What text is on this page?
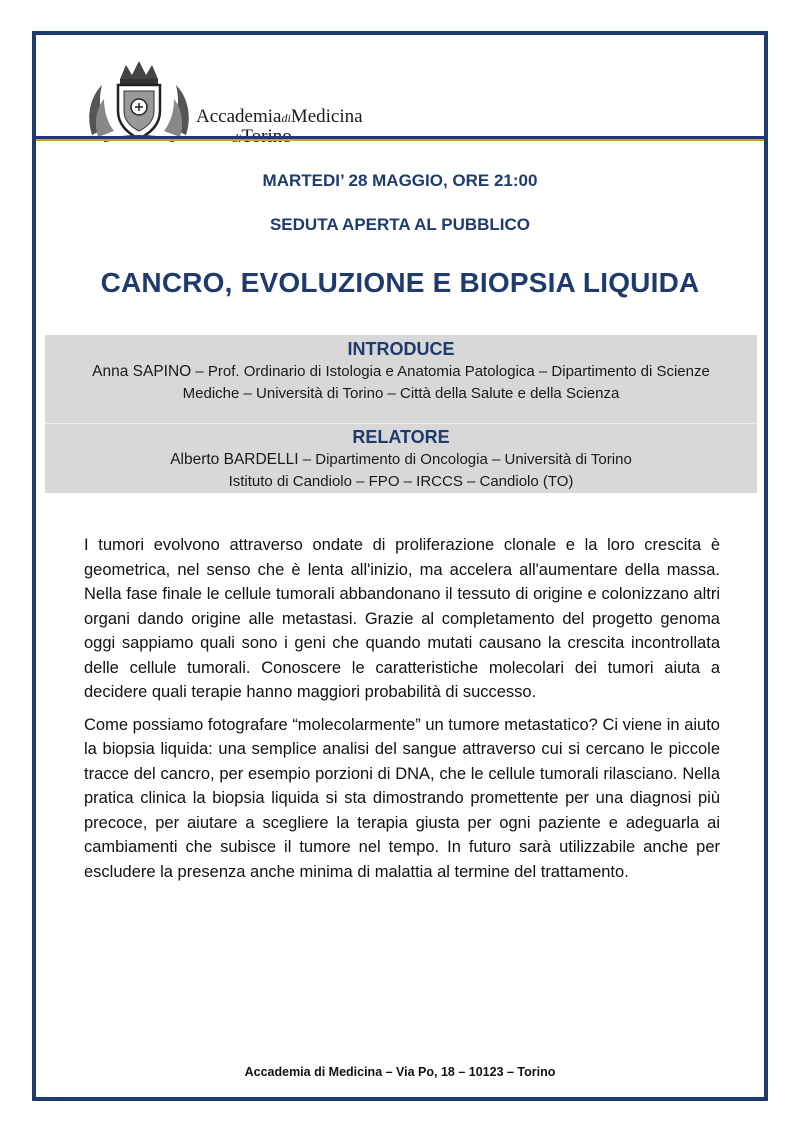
AccademiadiMedicina
MARTEDI’ 28 MAGGIO, ORE 21:00
SEDUTA APERTA AL PUBBLICO
CANCRO, EVOLUZIONE E BIOPSIA LIQUIDA
INTRODUCE
Anna SAPINO – Prof. Ordinario di Istologia e Anatomia Patologica – Dipartimento di Scienze
Mediche – Università di Torino – Città della Salute e della Scienza
RELATORE
Alberto BARDELLI – Dipartimento di Oncologia – Università di Torino
Istituto di Candiolo – FPO – IRCCS – Candiolo (TO)

I tumori evolvono attraverso ondate di proliferazione clonale e la loro crescita è geometrica, nel senso che è lenta all'inizio, ma accelera all'aumentare della massa. Nella fase finale le cellule tumorali abbandonano il tessuto di origine e colonizzano altri organi dando origine alle metastasi. Grazie al completamento del progetto genoma oggi sappiamo quali sono i geni che quando mutati causano la crescita incontrollata delle cellule tumorali. Conoscere le caratteristiche molecolari dei tumori aiuta a decidere quali terapie hanno maggiori probabilità di successo.

Come possiamo fotografare “molecolarmente” un tumore metastatico? Ci viene in aiuto la biopsia liquida: una semplice analisi del sangue attraverso cui si cercano le piccole tracce del cancro, per esempio porzioni di DNA, che le cellule tumorali rilasciano. Nella pratica clinica la biopsia liquida si sta dimostrando promettente per una diagnosi più precoce, per aiutare a scegliere la terapia giusta per ogni paziente e adeguarla ai cambiamenti che subisce il tumore nel tempo. In futuro sarà utilizzabile anche per escludere la presenza anche minima di malattia al termine del trattamento.

Accademia di Medicina – Via Po, 18 – 10123 – Torino
